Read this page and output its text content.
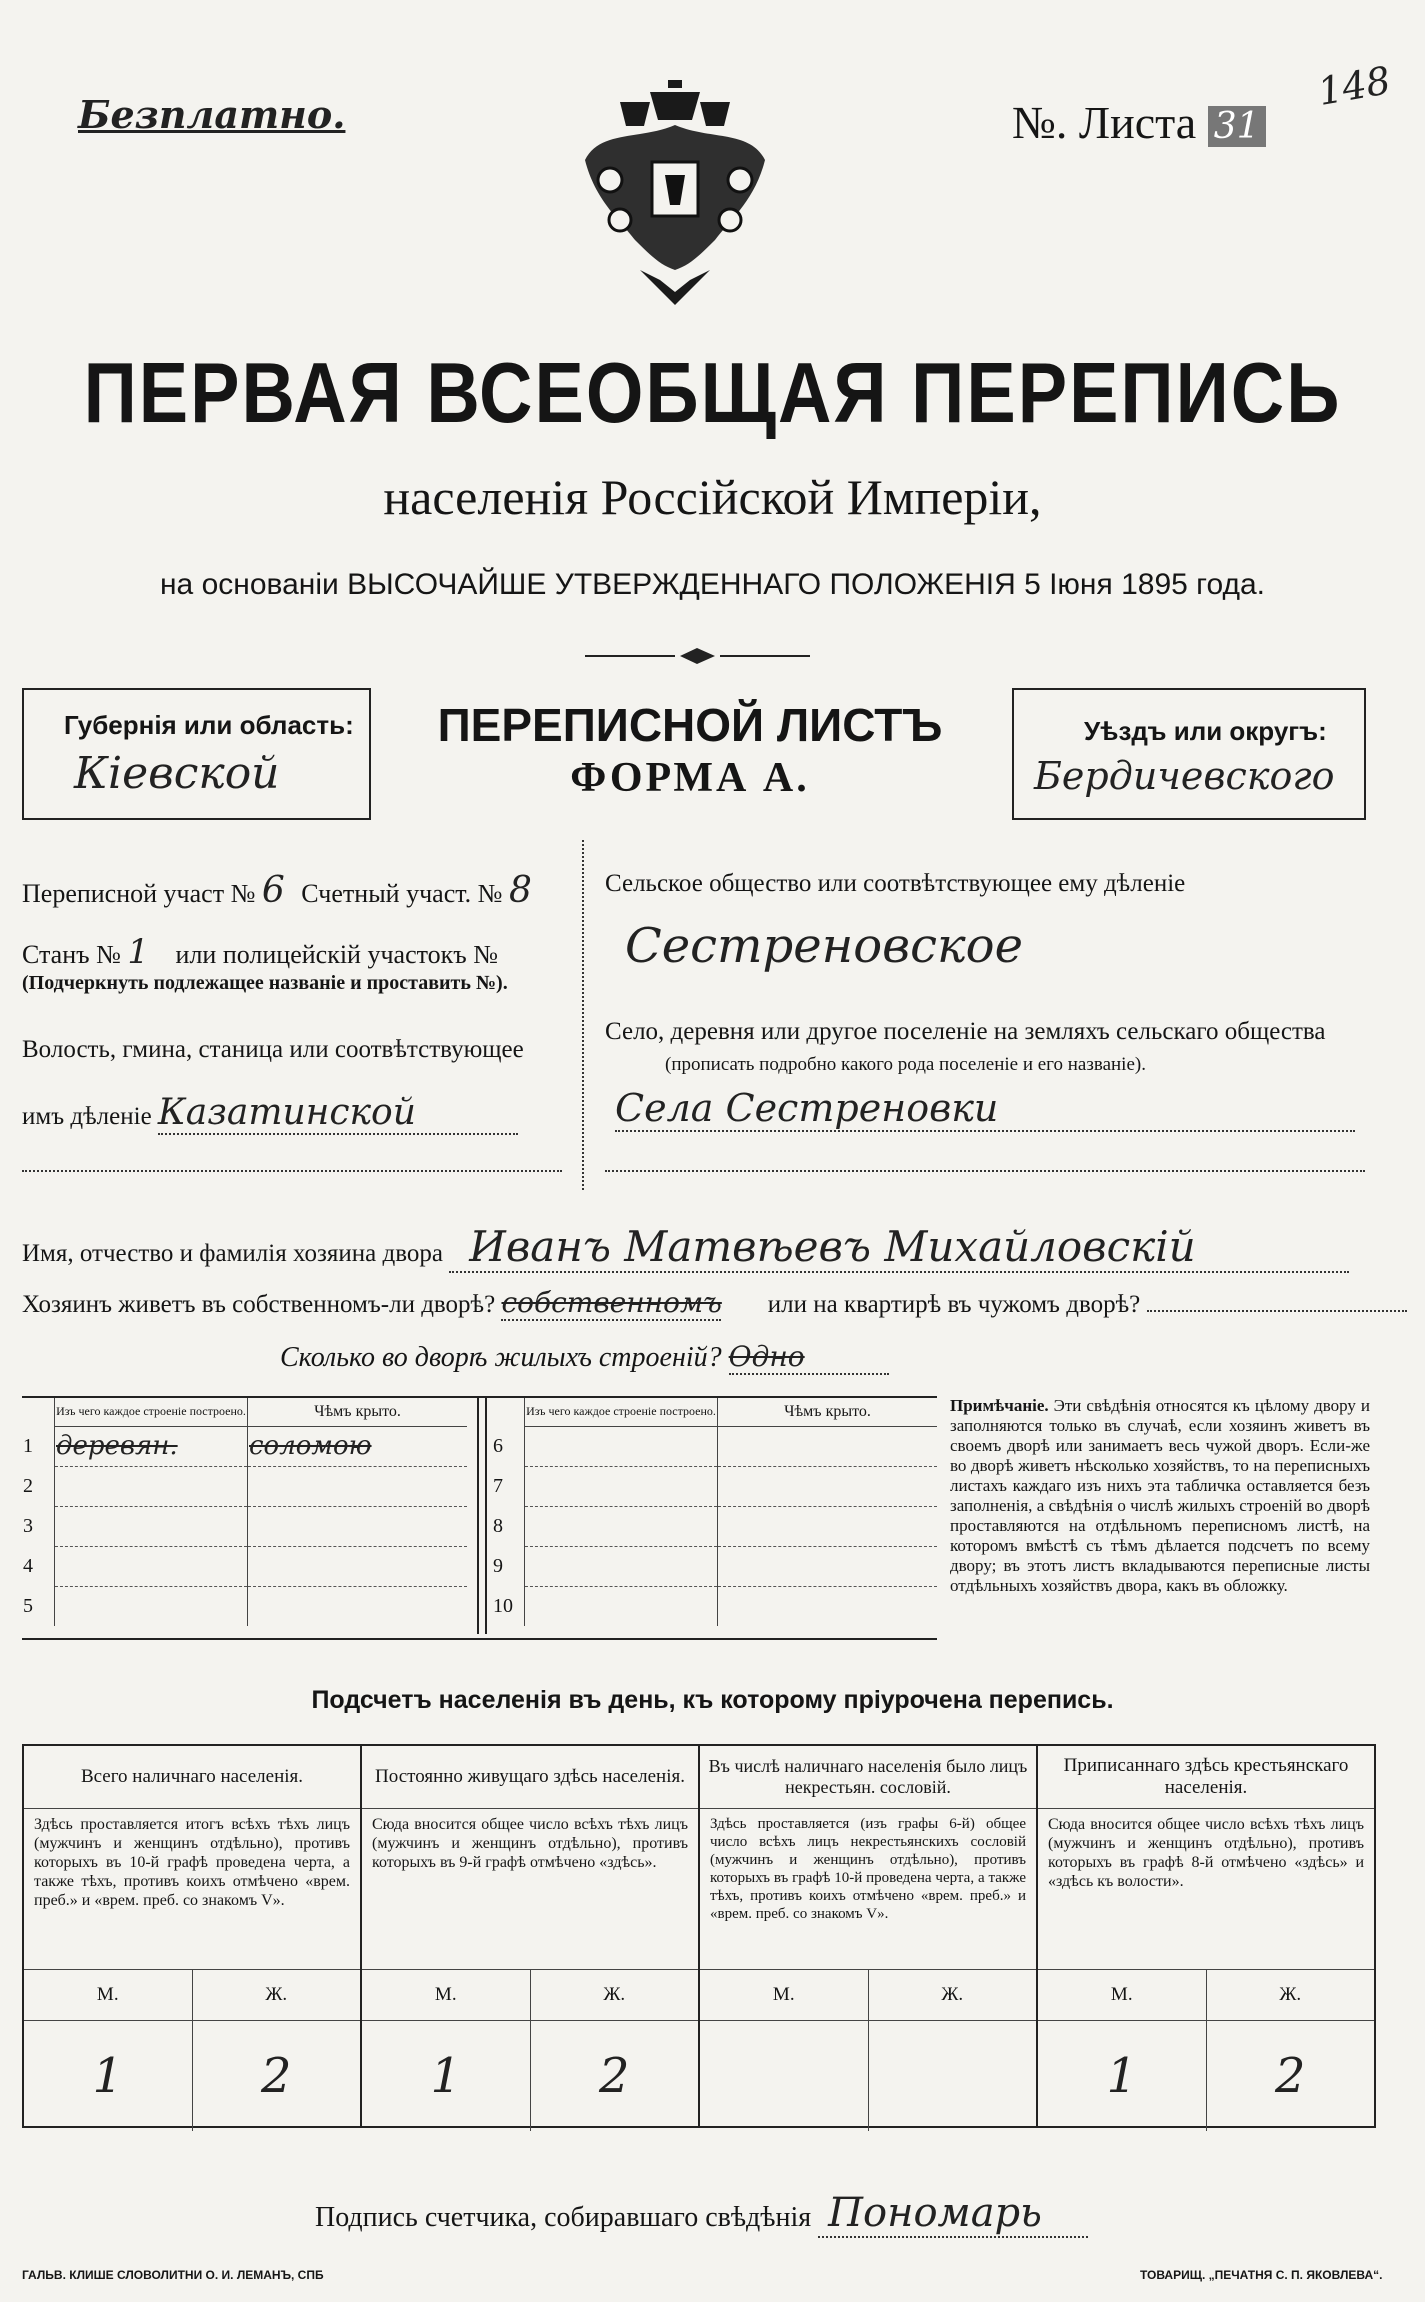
Безплатно.	№. Листа 31
148
ПЕРВАЯ ВСЕОБЩАЯ ПЕРЕПИСЬ
населенія Россійской Имперіи,
на основаніи ВЫСОЧАЙШЕ УТВЕРЖДЕННАГО ПОЛОЖЕНІЯ 5 Іюня 1895 года.
Губернія или область:
Кіевской
ПЕРЕПИСНОЙ ЛИСТЪ
ФОРМА А.
Уѣздъ или округъ:
Бердичевского
Переписной участ № 6 Счетный участ. № 8
Станъ № 1 или полицейскій участокъ №
(Подчеркнуть подлежащее названіе и проставить №).
Волость, гмина, станица или соотвѣтствующее
имъ дѣленіе Казатинской
Сельское общество или соотвѣтствующее ему дѣленіе
Сестреновское
Село, деревня или другое поселеніе на земляхъ сельскаго общества
(прописать подробно какого рода поселеніе и его названіе).
Села Сестреновки
Имя, отчество и фамилія хозяина двора Иванъ Матвѣевъ Михайловскій
Хозяинъ живетъ въ собственномъ-ли дворѣ? собственномъ или на квартирѣ въ чужомъ дворѣ?
Сколько во дворѣ жилыхъ строеній? Одно
	Изъ чего каждое строеніе построено.	Чѣмъ крыто.
1	деревян.	соломою
2		
3		
4		
5		
	Изъ чего каждое строеніе построено.	Чѣмъ крыто.
6		
7		
8		
9		
10		
Примѣчаніе. Эти свѣдѣнія относятся къ цѣлому двору и заполняются только въ случаѣ, если хозяинъ живетъ въ своемъ дворѣ или занимаетъ весь чужой дворъ. Если-же во дворѣ живетъ нѣсколько хозяйствъ, то на переписныхъ листахъ каждаго изъ нихъ эта табличка оставляется безъ заполненія, а свѣдѣнія о числѣ жилыхъ строеній во дворѣ проставляются на отдѣльномъ переписномъ листѣ, на которомъ вмѣстѣ съ тѣмъ дѣлается подсчетъ по всему двору; въ этотъ листъ вкладываются переписные листы отдѣльныхъ хозяйствъ двора, какъ въ обложку.
Подсчетъ населенія въ день, къ которому пріурочена перепись.
Всего наличнаго населенія.
Здѣсь проставляется итогъ всѣхъ тѣхъ лицъ (мужчинъ и женщинъ отдѣльно), противъ которыхъ въ 10-й графѣ проведена черта, а также тѣхъ, противъ коихъ отмѣчено «врем. преб.» и «врем. преб. со знакомъ V».
М.	Ж.
1	2
Постоянно живущаго здѣсь населенія.
Сюда вносится общее число всѣхъ тѣхъ лицъ (мужчинъ и женщинъ отдѣльно), противъ которыхъ въ 9-й графѣ отмѣчено «здѣсь».
М.	Ж.
1	2
Въ числѣ наличнаго населенія было лицъ некрестьян. сословій.
Здѣсь проставляется (изъ графы 6-й) общее число всѣхъ лицъ некрестьянскихъ сословій (мужчинъ и женщинъ отдѣльно), противъ которыхъ въ графѣ 10-й проведена черта, а также тѣхъ, противъ коихъ отмѣчено «врем. преб.» и «врем. преб. со знакомъ V».
М.	Ж.
Приписаннаго здѣсь крестьянскаго населенія.
Сюда вносится общее число всѣхъ тѣхъ лицъ (мужчинъ и женщинъ отдѣльно), противъ которыхъ въ графѣ 8-й отмѣчено «здѣсь» и «здѣсь къ волости».
М.	Ж.
1	2
Подпись счетчика, собиравшаго свѣдѣнія Пономарь
ГАЛЬВ. КЛИШЕ СЛОВОЛИТНИ О. И. ЛЕМАНЪ, СПБ	ТОВАРИЩ. „ПЕЧАТНЯ С. П. ЯКОВЛЕВА“.
